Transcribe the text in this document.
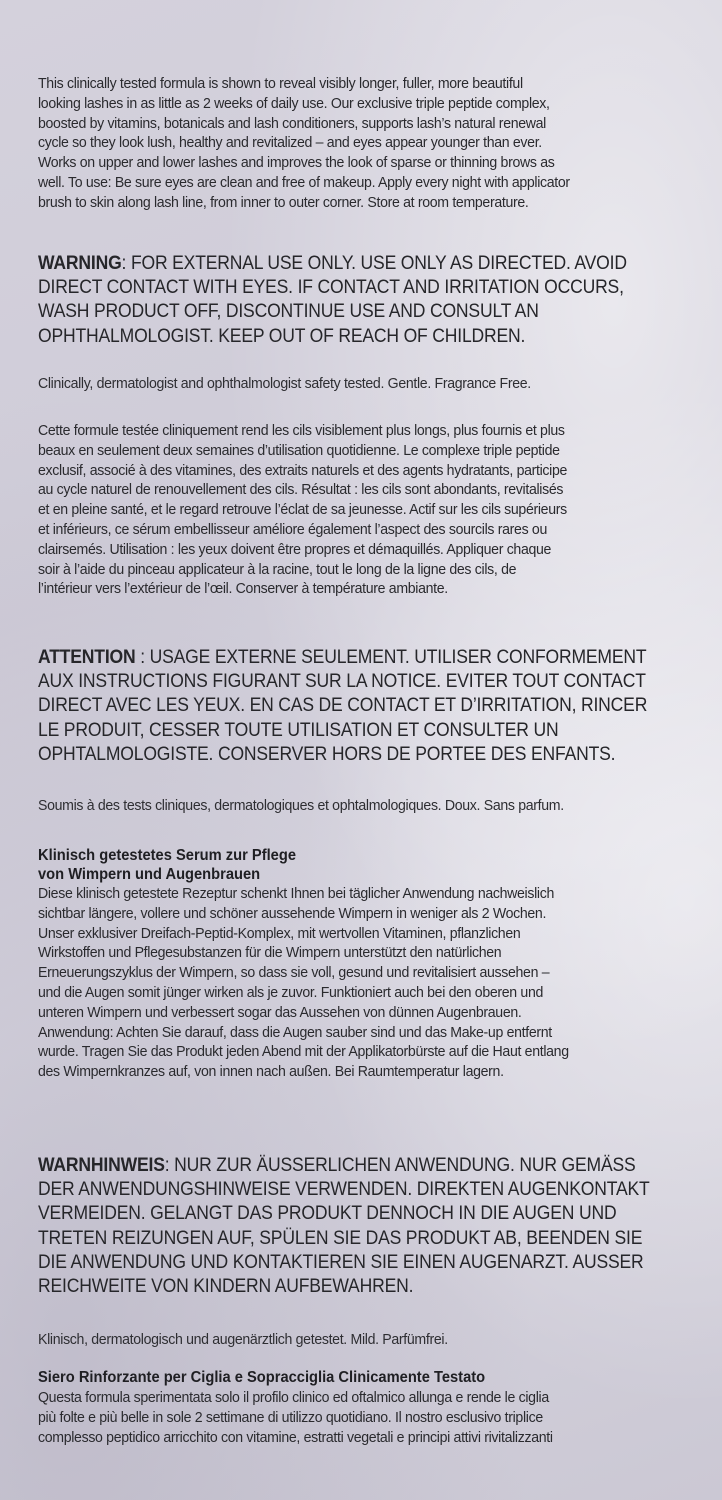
This clinically tested formula is shown to reveal visibly longer, fuller, more beautiful
looking lashes in as little as 2 weeks of daily use. Our exclusive triple peptide complex,
boosted by vitamins, botanicals and lash conditioners, supports lash’s natural renewal
cycle so they look lush, healthy and revitalized – and eyes appear younger than ever.
Works on upper and lower lashes and improves the look of sparse or thinning brows as
well. To use: Be sure eyes are clean and free of makeup. Apply every night with applicator
brush to skin along lash line, from inner to outer corner. Store at room temperature.
WARNING: FOR EXTERNAL USE ONLY. USE ONLY AS DIRECTED. AVOID
DIRECT CONTACT WITH EYES. IF CONTACT AND IRRITATION OCCURS,
WASH PRODUCT OFF, DISCONTINUE USE AND CONSULT AN
OPHTHALMOLOGIST. KEEP OUT OF REACH OF CHILDREN.
Clinically, dermatologist and ophthalmologist safety tested. Gentle. Fragrance Free.
Cette formule testée cliniquement rend les cils visiblement plus longs, plus fournis et plus
beaux en seulement deux semaines d’utilisation quotidienne. Le complexe triple peptide
exclusif, associé à des vitamines, des extraits naturels et des agents hydratants, participe
au cycle naturel de renouvellement des cils. Résultat : les cils sont abondants, revitalisés
et en pleine santé, et le regard retrouve l’éclat de sa jeunesse. Actif sur les cils supérieurs
et inférieurs, ce sérum embellisseur améliore également l’aspect des sourcils rares ou
clairsemés. Utilisation : les yeux doivent être propres et démaquillés. Appliquer chaque
soir à l’aide du pinceau applicateur à la racine, tout le long de la ligne des cils, de
l’intérieur vers l’extérieur de l’œil. Conserver à température ambiante.
ATTENTION : USAGE EXTERNE SEULEMENT. UTILISER CONFORMEMENT
AUX INSTRUCTIONS FIGURANT SUR LA NOTICE. EVITER TOUT CONTACT
DIRECT AVEC LES YEUX. EN CAS DE CONTACT ET D’IRRITATION, RINCER
LE PRODUIT, CESSER TOUTE UTILISATION ET CONSULTER UN
OPHTALMOLOGISTE. CONSERVER HORS DE PORTEE DES ENFANTS.
Soumis à des tests cliniques, dermatologiques et ophtalmologiques. Doux. Sans parfum.
Klinisch getestetes Serum zur Pflege
von Wimpern und Augenbrauen
Diese klinisch getestete Rezeptur schenkt Ihnen bei täglicher Anwendung nachweislich
sichtbar längere, vollere und schöner aussehende Wimpern in weniger als 2 Wochen.
Unser exklusiver Dreifach-Peptid-Komplex, mit wertvollen Vitaminen, pflanzlichen
Wirkstoffen und Pflegesubstanzen für die Wimpern unterstützt den natürlichen
Erneuerungszyklus der Wimpern, so dass sie voll, gesund und revitalisiert aussehen –
und die Augen somit jünger wirken als je zuvor. Funktioniert auch bei den oberen und
unteren Wimpern und verbessert sogar das Aussehen von dünnen Augenbrauen.
Anwendung: Achten Sie darauf, dass die Augen sauber sind und das Make-up entfernt
wurde. Tragen Sie das Produkt jeden Abend mit der Applikatorbürste auf die Haut entlang
des Wimpernkranzes auf, von innen nach außen. Bei Raumtemperatur lagern.
WARNHINWEIS: NUR ZUR ÄUSSERLICHEN ANWENDUNG. NUR GEMÄSS
DER ANWENDUNGSHINWEISE VERWENDEN. DIREKTEN AUGENKONTAKT
VERMEIDEN. GELANGT DAS PRODUKT DENNOCH IN DIE AUGEN UND
TRETEN REIZUNGEN AUF, SPÜLEN SIE DAS PRODUKT AB, BEENDEN SIE
DIE ANWENDUNG UND KONTAKTIEREN SIE EINEN AUGENARZT. AUSSER
REICHWEITE VON KINDERN AUFBEWAHREN.
Klinisch, dermatologisch und augenärztlich getestet. Mild. Parfümfrei.
Siero Rinforzante per Ciglia e Sopracciglia Clinicamente Testato
Questa formula sperimentata solo il profilo clinico ed oftalmico allunga e rende le ciglia
più folte e più belle in sole 2 settimane di utilizzo quotidiano. Il nostro esclusivo triplice
complesso peptidico arricchito con vitamine, estratti vegetali e principi attivi rivitalizzanti
